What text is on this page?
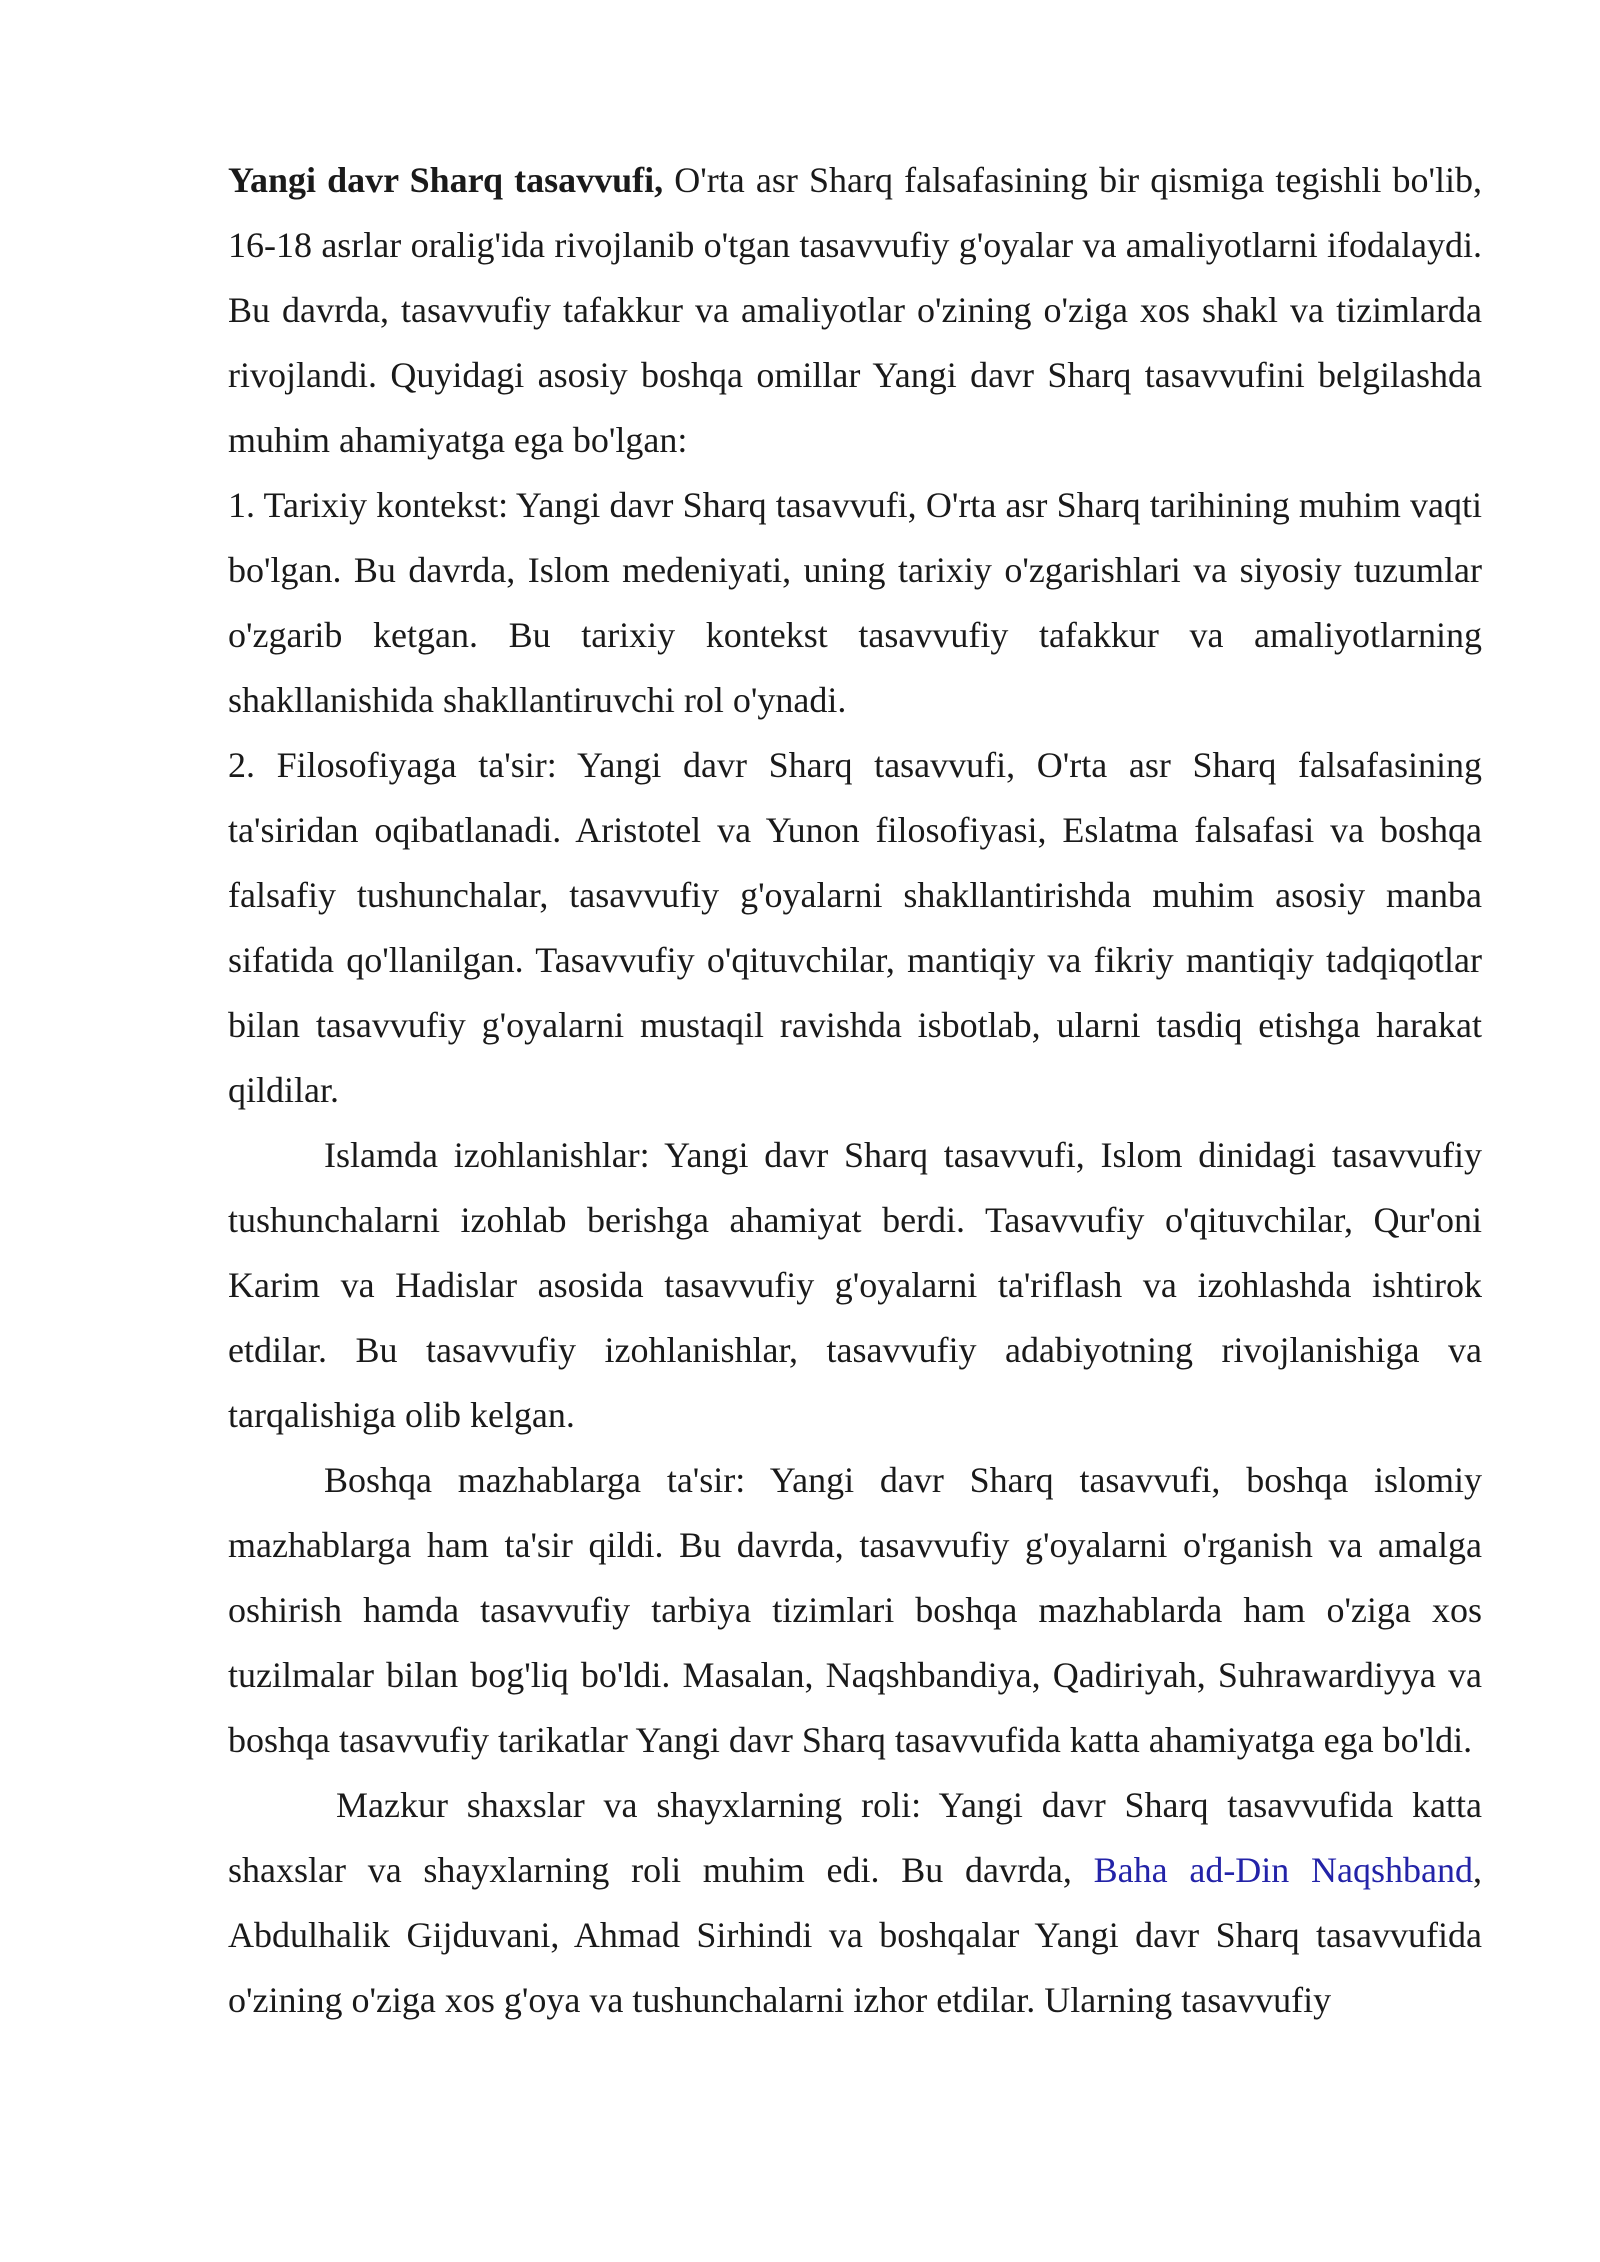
Yangi davr Sharq tasavvufi, O'rta asr Sharq falsafasining bir qismiga tegishli bo'lib, 16-18 asrlar oralig'ida rivojlanib o'tgan tasavvufiy g'oyalar va amaliyotlarni ifodalaydi. Bu davrda, tasavvufiy tafakkur va amaliyotlar o'zining o'ziga xos shakl va tizimlarda rivojlandi. Quyidagi asosiy boshqa omillar Yangi davr Sharq tasavvufini belgilashda muhim ahamiyatga ega bo'lgan:

1. Tarixiy kontekst: Yangi davr Sharq tasavvufi, O'rta asr Sharq tarihining muhim vaqti bo'lgan. Bu davrda, Islom medeniyati, uning tarixiy o'zgarishlari va siyosiy tuzumlar o'zgarib ketgan. Bu tarixiy kontekst tasavvufiy tafakkur va amaliyotlarning shakllanishida shakllantiruvchi rol o'ynadi.

2. Filosofiyaga ta'sir: Yangi davr Sharq tasavvufi, O'rta asr Sharq falsafasining ta'siridan oqibatlanadi. Aristotel va Yunon filosofiyasi, Eslatma falsafasi va boshqa falsafiy tushunchalar, tasavvufiy g'oyalarni shakllantirishda muhim asosiy manba sifatida qo'llanilgan. Tasavvufiy o'qituvchilar, mantiqiy va fikriy mantiqiy tadqiqotlar bilan tasavvufiy g'oyalarni mustaqil ravishda isbotlab, ularni tasdiq etishga harakat qildilar.

Islamda izohlanishlar: Yangi davr Sharq tasavvufi, Islom dinidagi tasavvufiy tushunchalarni izohlab berishga ahamiyat berdi. Tasavvufiy o'qituvchilar, Qur'oni Karim va Hadislar asosida tasavvufiy g'oyalarni ta'riflash va izohlashda ishtirok etdilar. Bu tasavvufiy izohlanishlar, tasavvufiy adabiyotning rivojlanishiga va tarqalishiga olib kelgan.

Boshqa mazhablarga ta'sir: Yangi davr Sharq tasavvufi, boshqa islomiy mazhablarga ham ta'sir qildi. Bu davrda, tasavvufiy g'oyalarni o'rganish va amalga oshirish hamda tasavvufiy tarbiya tizimlari boshqa mazhablarda ham o'ziga xos tuzilmalar bilan bog'liq bo'ldi. Masalan, Naqshbandiya, Qadiriyah, Suhrawardiyya va boshqa tasavvufiy tarikatlar Yangi davr Sharq tasavvufida katta ahamiyatga ega bo'ldi.

Mazkur shaxslar va shayxlarning roli: Yangi davr Sharq tasavvufida katta shaxslar va shayxlarning roli muhim edi. Bu davrda, Baha ad-Din Naqshband, Abdulhalik Gijduvani, Ahmad Sirhindi va boshqalar Yangi davr Sharq tasavvufida o'zining o'ziga xos g'oya va tushunchalarni izhor etdilar. Ularning tasavvufiy
